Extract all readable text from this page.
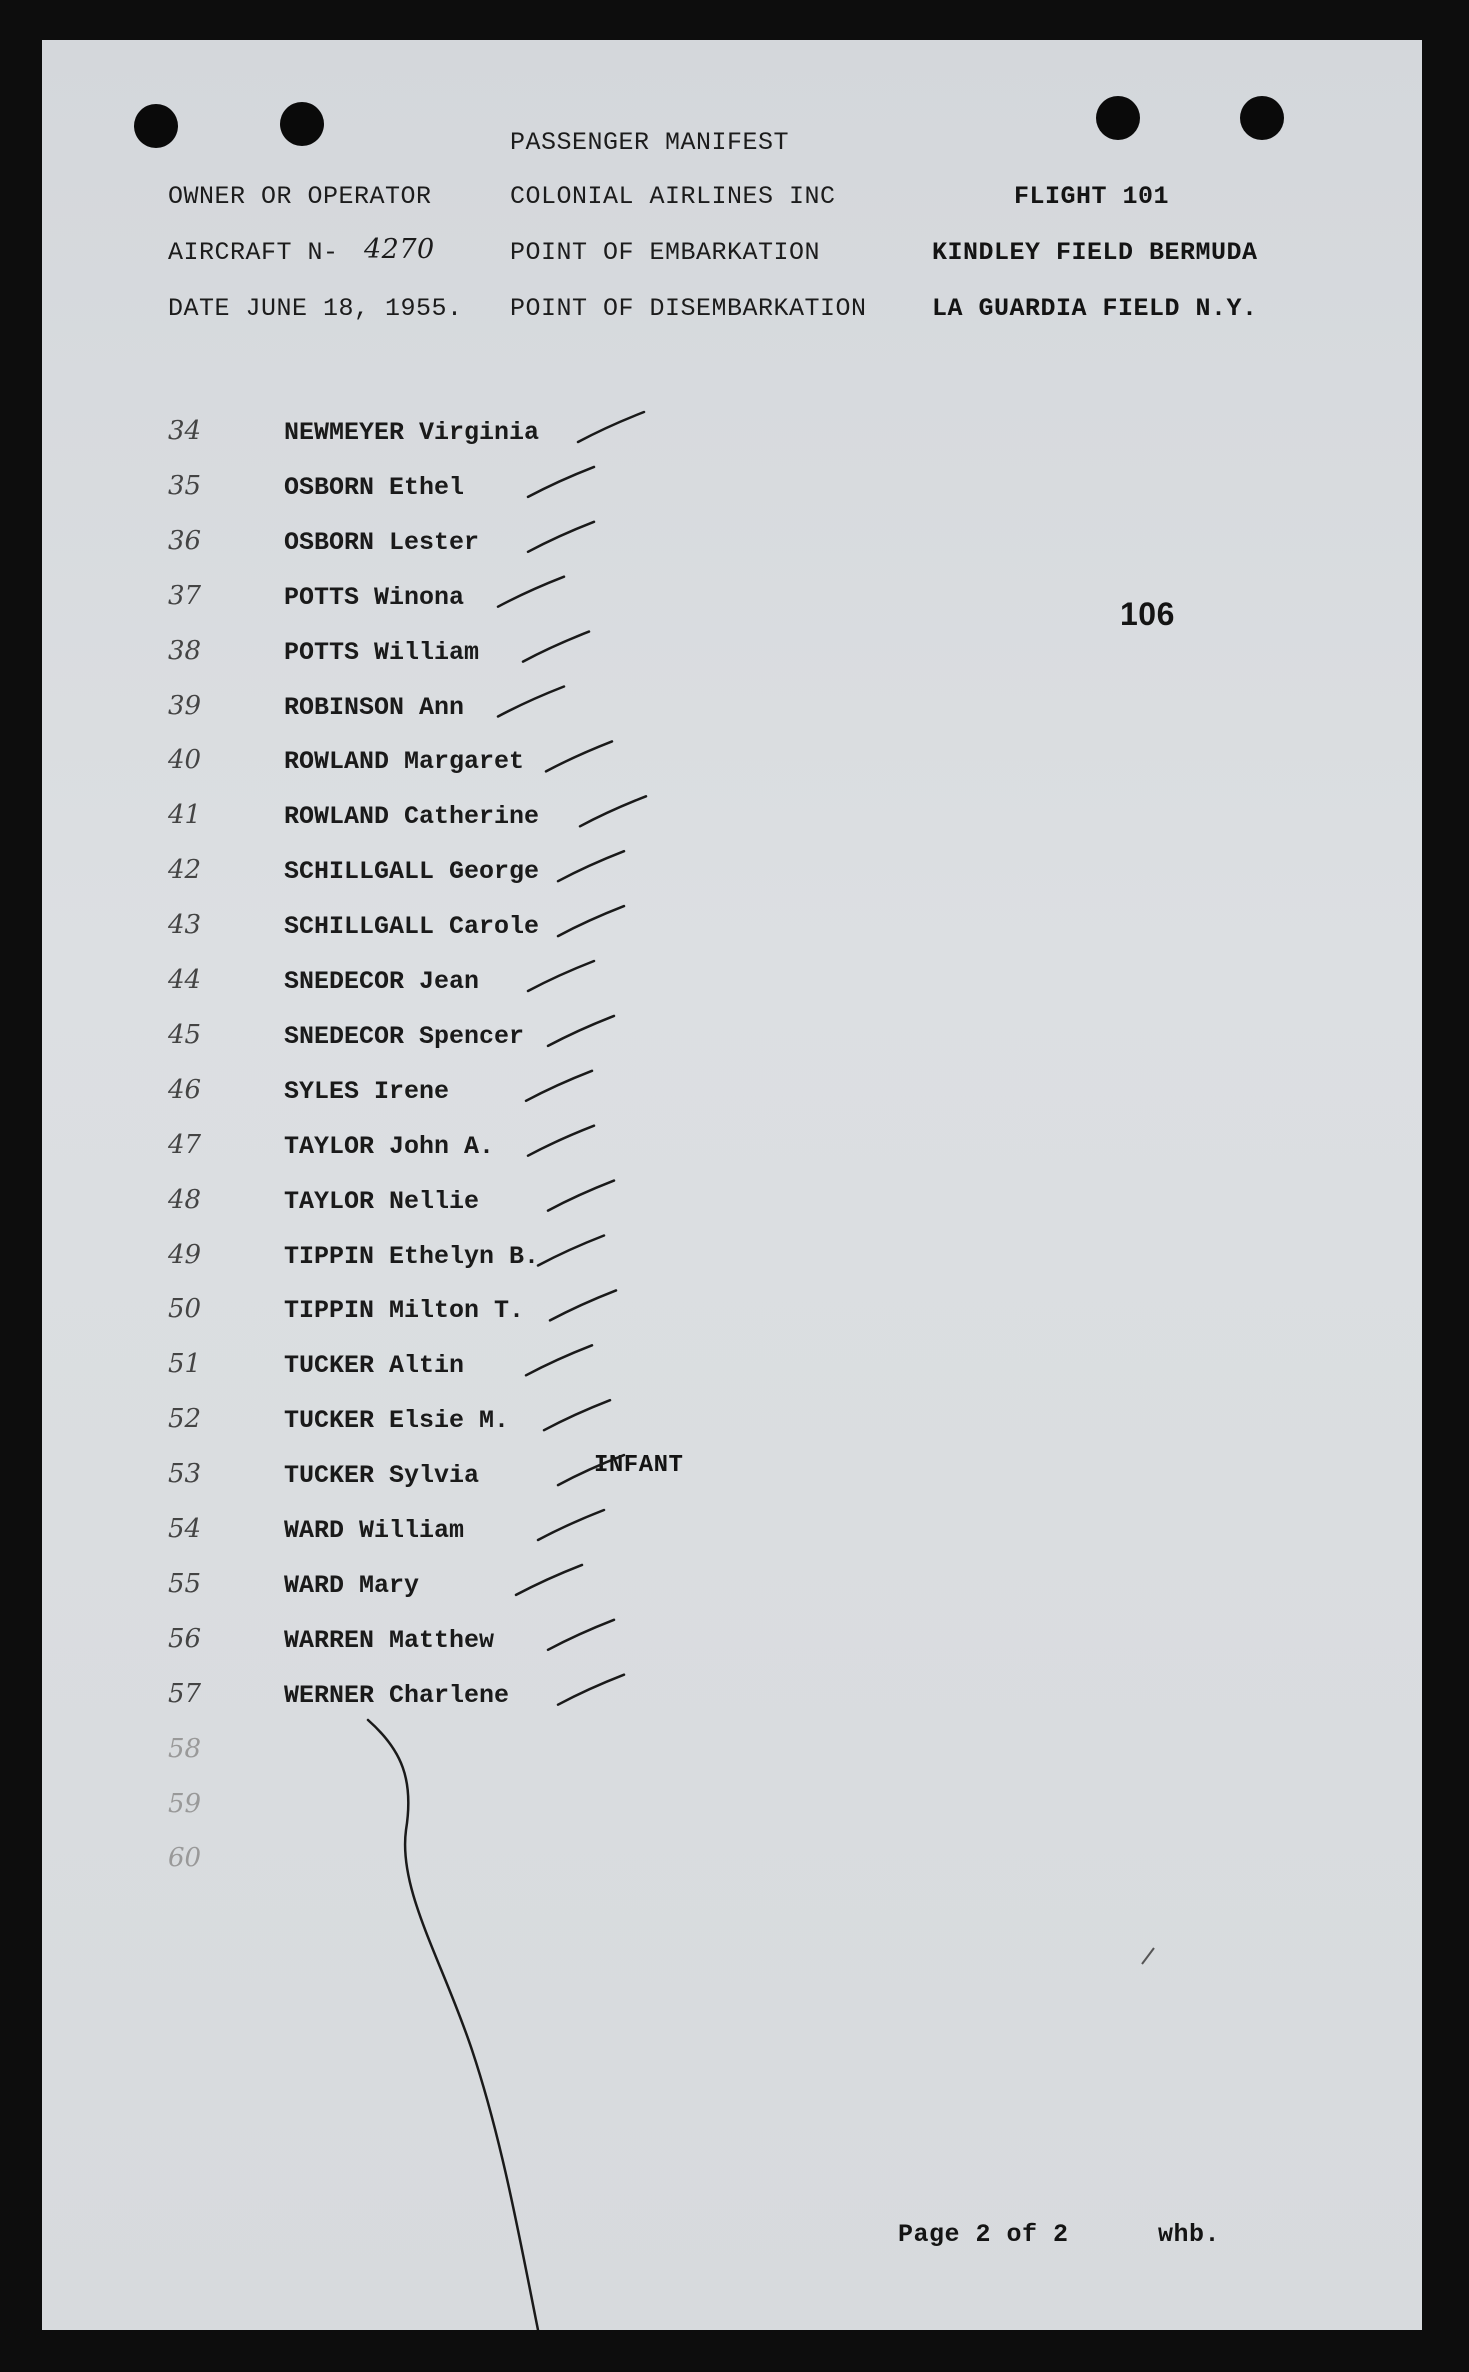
PASSENGER MANIFEST
OWNER OR OPERATOR	COLONIAL AIRLINES INC	FLIGHT 101
AIRCRAFT N- 4270	POINT OF EMBARKATION	KINDLEY FIELD BERMUDA
DATE JUNE 18, 1955. POINT OF DISEMBARKATION	LA GUARDIA FIELD N.Y.
106
34	NEWMEYER Virginia
35	OSBORN Ethel
36	OSBORN Lester
37	POTTS Winona
38	POTTS William
39	ROBINSON Ann
40	ROWLAND Margaret
41	ROWLAND Catherine
42	SCHILLGALL George
43	SCHILLGALL Carole
44	SNEDECOR Jean
45	SNEDECOR Spencer
46	SYLES Irene
47	TAYLOR John A.
48	TAYLOR Nellie
49	TIPPIN Ethelyn B.
50	TIPPIN Milton T.
51	TUCKER Altin
52	TUCKER Elsie M.
53	TUCKER Sylvia
54	WARD William
55	WARD Mary
56	WARREN Matthew
57	WERNER Charlene
58
59
60
INFANT
Page 2 of 2	whb.
